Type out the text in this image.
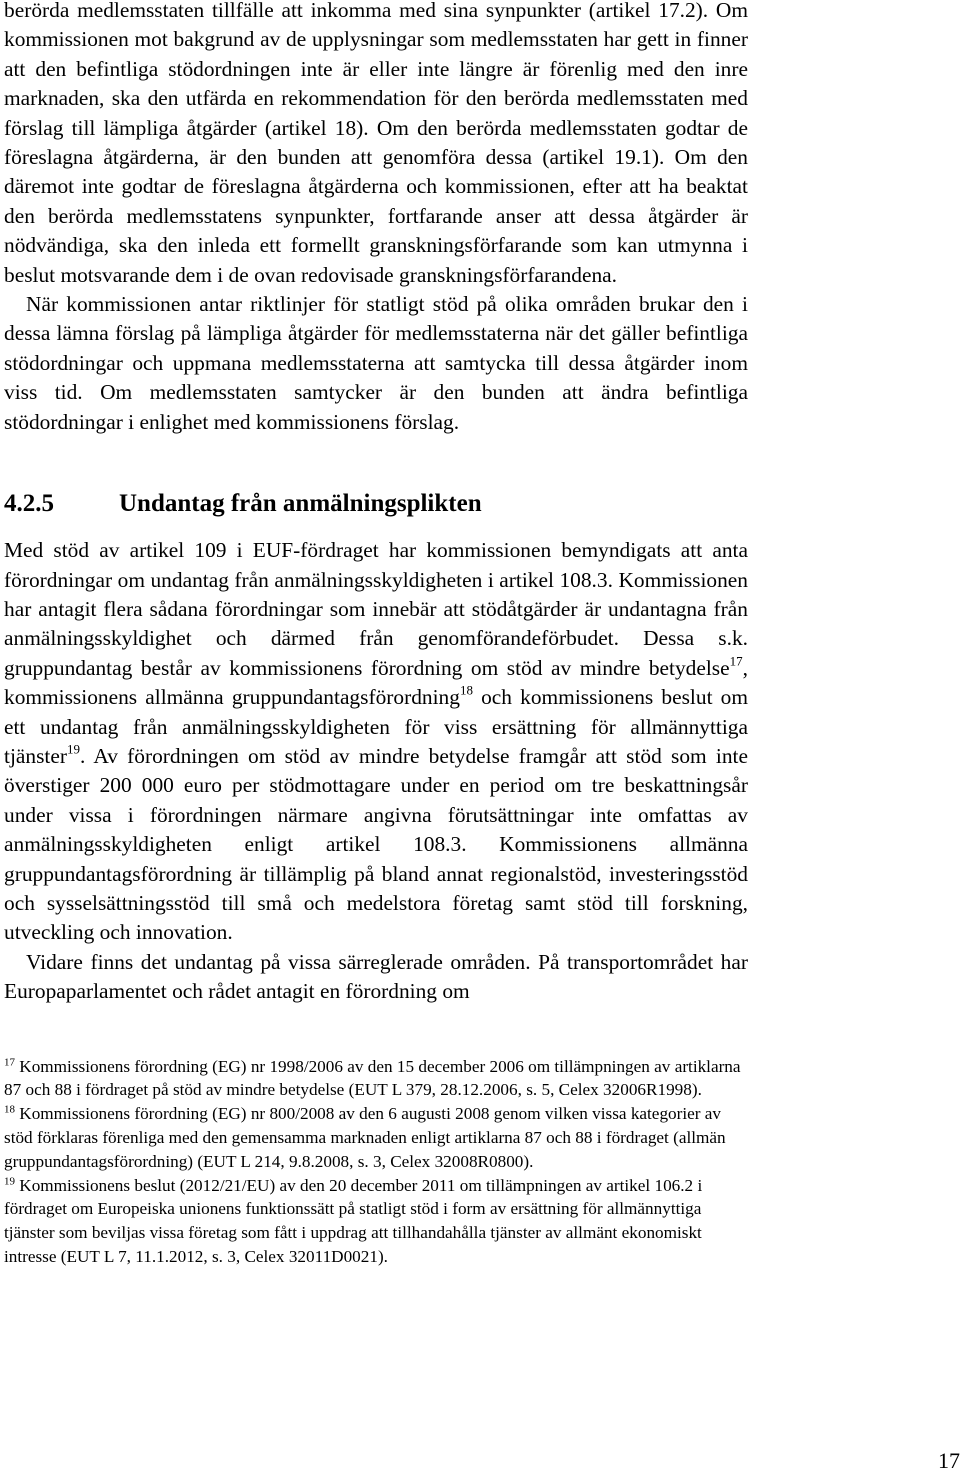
berörda medlemsstaten tillfälle att inkomma med sina synpunkter (artikel 17.2). Om kommissionen mot bakgrund av de upplysningar som medlemsstaten har gett in finner att den befintliga stödordningen inte är eller inte längre är förenlig med den inre marknaden, ska den utfärda en rekommendation för den berörda medlemsstaten med förslag till lämpliga åtgärder (artikel 18). Om den berörda medlemsstaten godtar de föreslagna åtgärderna, är den bunden att genomföra dessa (artikel 19.1). Om den däremot inte godtar de föreslagna åtgärderna och kommissionen, efter att ha beaktat den berörda medlemsstatens synpunkter, fortfarande anser att dessa åtgärder är nödvändiga, ska den inleda ett formellt granskningsförfarande som kan utmynna i beslut motsvarande dem i de ovan redovisade granskningsförfarandena.

När kommissionen antar riktlinjer för statligt stöd på olika områden brukar den i dessa lämna förslag på lämpliga åtgärder för medlemsstaterna när det gäller befintliga stödordningar och uppmana medlemsstaterna att samtycka till dessa åtgärder inom viss tid. Om medlemsstaten samtycker är den bunden att ändra befintliga stödordningar i enlighet med kommissionens förslag.

4.2.5	Undantag från anmälningsplikten

Med stöd av artikel 109 i EUF-fördraget har kommissionen bemyndigats att anta förordningar om undantag från anmälningsskyldigheten i artikel 108.3. Kommissionen har antagit flera sådana förordningar som innebär att stödåtgärder är undantagna från anmälningsskyldighet och därmed från genomförandeförbudet. Dessa s.k. gruppundantag består av kommissionens förordning om stöd av mindre betydelse$^{17}$, kommissionens allmänna gruppundantagsförordning$^{18}$ och kommissionens beslut om ett undantag från anmälningsskyldigheten för viss ersättning för allmännyttiga tjänster$^{19}$. Av förordningen om stöd av mindre betydelse framgår att stöd som inte överstiger 200 000 euro per stödmottagare under en period om tre beskattningsår under vissa i förordningen närmare angivna förutsättningar inte omfattas av anmälningsskyldigheten enligt artikel 108.3. Kommissionens allmänna gruppundantagsförordning är tillämplig på bland annat regionalstöd, investeringsstöd och sysselsättningsstöd till små och medelstora företag samt stöd till forskning, utveckling och innovation.

Vidare finns det undantag på vissa särreglerade områden. På transportområdet har Europaparlamentet och rådet antagit en förordning om

$^{17}$ Kommissionens förordning (EG) nr 1998/2006 av den 15 december 2006 om tillämpningen av artiklarna 87 och 88 i fördraget på stöd av mindre betydelse (EUT L 379, 28.12.2006, s. 5, Celex 32006R1998).

$^{18}$ Kommissionens förordning (EG) nr 800/2008 av den 6 augusti 2008 genom vilken vissa kategorier av stöd förklaras förenliga med den gemensamma marknaden enligt artiklarna 87 och 88 i fördraget (allmän gruppundantagsförordning) (EUT L 214, 9.8.2008, s. 3, Celex 32008R0800).

$^{19}$ Kommissionens beslut (2012/21/EU) av den 20 december 2011 om tillämpningen av artikel 106.2 i fördraget om Europeiska unionens funktionssätt på statligt stöd i form av ersättning för allmännyttiga tjänster som beviljas vissa företag som fått i uppdrag att tillhandahålla tjänster av allmänt ekonomiskt intresse (EUT L 7, 11.1.2012, s. 3, Celex 32011D0021).

17
